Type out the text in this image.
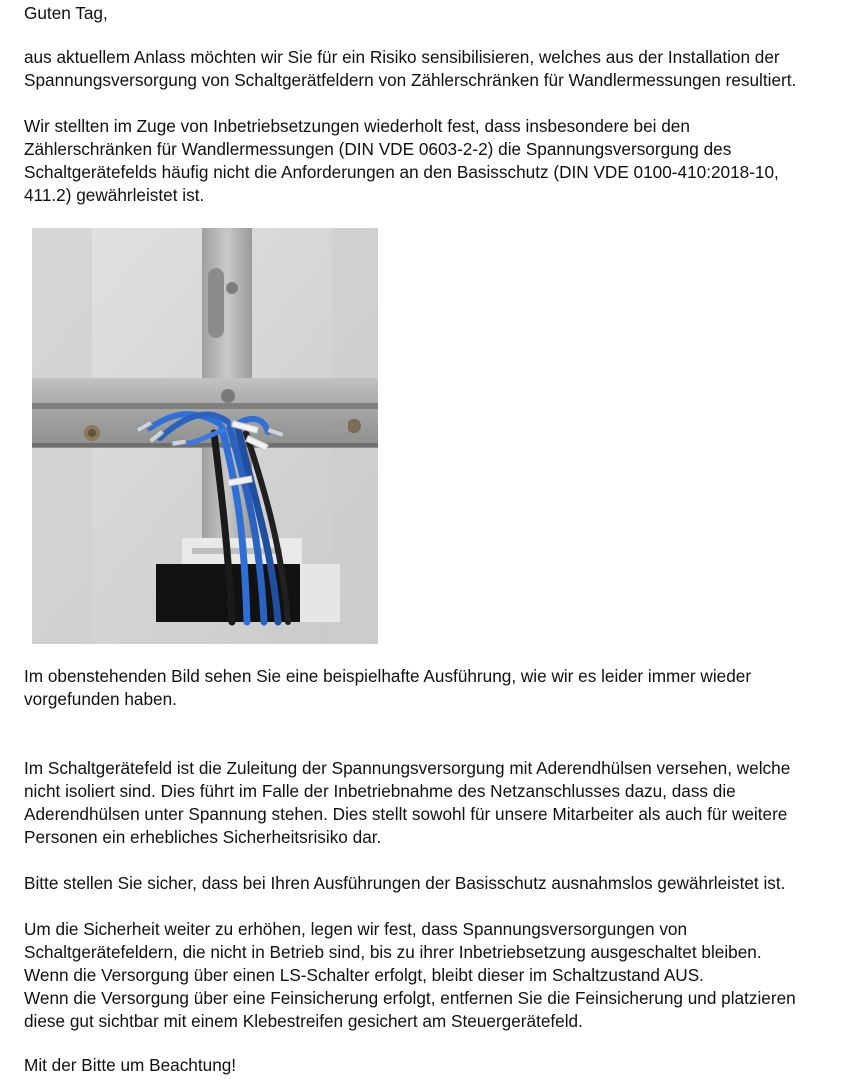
Guten Tag,

aus aktuellem Anlass möchten wir Sie für ein Risiko sensibilisieren, welches aus der Installation der
Spannungsversorgung von Schaltgerätfeldern von Zählerschränken für Wandlermessungen resultiert.

Wir stellten im Zuge von Inbetriebsetzungen wiederholt fest, dass insbesondere bei den
Zählerschränken für Wandlermessungen (DIN VDE 0603-2-2) die Spannungsversorgung des
Schaltgerätefelds häufig nicht die Anforderungen an den Basisschutz (DIN VDE 0100-410:2018-10,
411.2) gewährleistet ist.

Im obenstehenden Bild sehen Sie eine beispielhafte Ausführung, wie wir es leider immer wieder
vorgefunden haben.

Im Schaltgerätefeld ist die Zuleitung der Spannungsversorgung mit Aderendhülsen versehen, welche
nicht isoliert sind. Dies führt im Falle der Inbetriebnahme des Netzanschlusses dazu, dass die
Aderendhülsen unter Spannung stehen. Dies stellt sowohl für unsere Mitarbeiter als auch für weitere
Personen ein erhebliches Sicherheitsrisiko dar.

Bitte stellen Sie sicher, dass bei Ihren Ausführungen der Basisschutz ausnahmslos gewährleistet ist.

Um die Sicherheit weiter zu erhöhen, legen wir fest, dass Spannungsversorgungen von
Schaltgerätefeldern, die nicht in Betrieb sind, bis zu ihrer Inbetriebsetzung ausgeschaltet bleiben.
Wenn die Versorgung über einen LS-Schalter erfolgt, bleibt dieser im Schaltzustand AUS.
Wenn die Versorgung über eine Feinsicherung erfolgt, entfernen Sie die Feinsicherung und platzieren
diese gut sichtbar mit einem Klebestreifen gesichert am Steuergerätefeld.

Mit der Bitte um Beachtung!
